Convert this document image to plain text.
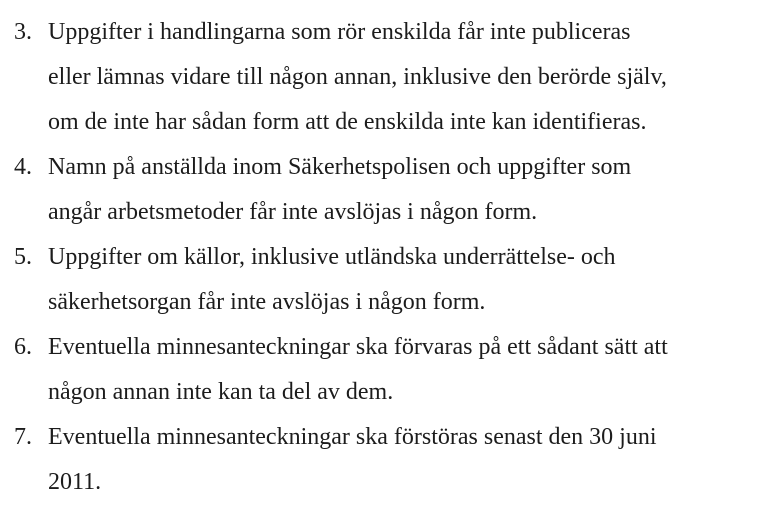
3. Uppgifter i handlingarna som rör enskilda får inte publiceras
eller lämnas vidare till någon annan, inklusive den berörde själv,
om de inte har sådan form att de enskilda inte kan identifieras.
4. Namn på anställda inom Säkerhetspolisen och uppgifter som
angår arbetsmetoder får inte avslöjas i någon form.
5. Uppgifter om källor, inklusive utländska underrättelse- och
säkerhetsorgan får inte avslöjas i någon form.
6. Eventuella minnesanteckningar ska förvaras på ett sådant sätt att
någon annan inte kan ta del av dem.
7. Eventuella minnesanteckningar ska förstöras senast den 30 juni
2011.
